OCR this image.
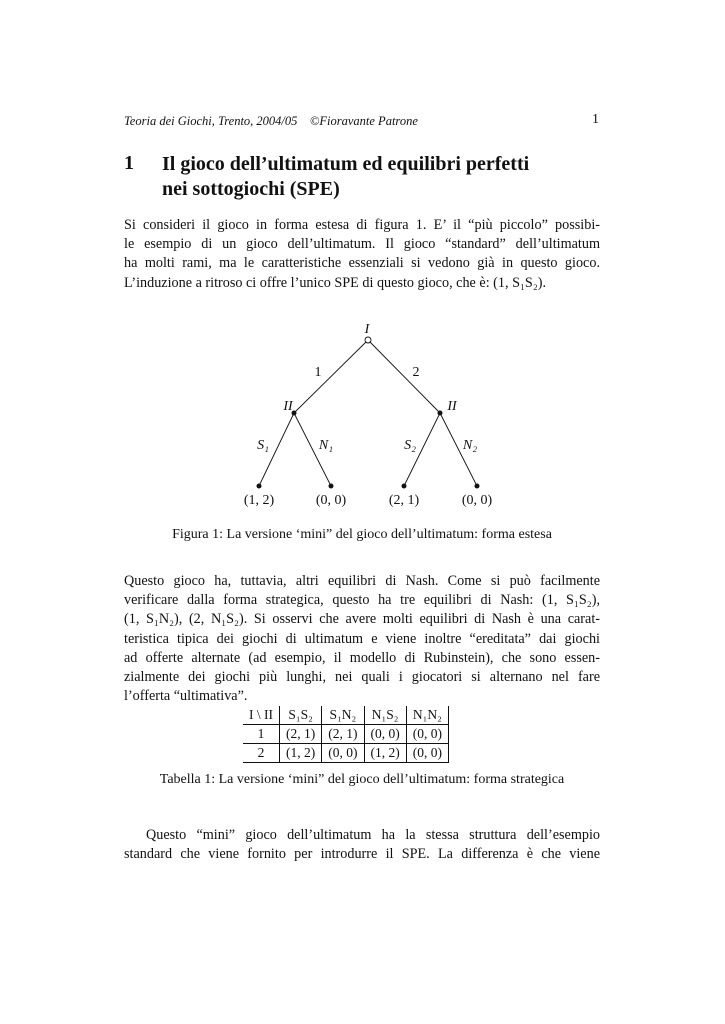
Teoria dei Giochi, Trento, 2004/05 ©Fioravante Patrone	1
1 Il gioco dell’ultimatum ed equilibri perfetti
nei sottogiochi (SPE)
Si consideri il gioco in forma estesa di figura 1. E’ il “più piccolo” possibi-
le esempio di un gioco dell’ultimatum. Il gioco “standard” dell’ultimatum
ha molti rami, ma le caratteristiche essenziali si vedono già in questo gioco.
L’induzione a ritroso ci offre l’unico SPE di questo gioco, che è: (1, S₁S₂).
I
1	2
II	II
S₁	N₁	S₂	N₂
(1, 2)	(0, 0)	(2, 1)	(0, 0)
Figura 1: La versione ‘mini” del gioco dell’ultimatum: forma estesa
Questo gioco ha, tuttavia, altri equilibri di Nash. Come si può facilmente
verificare dalla forma strategica, questo ha tre equilibri di Nash: (1, S₁S₂),
(1, S₁N₂), (2, N₁S₂). Si osservi che avere molti equilibri di Nash è una carat-
teristica tipica dei giochi di ultimatum e viene inoltre “ereditata” dai giochi
ad offerte alternate (ad esempio, il modello di Rubinstein), che sono essen-
zialmente dei giochi più lunghi, nei quali i giocatori si alternano nel fare
l’offerta “ultimativa”.
I \ II	S₁S₂	S₁N₂	N₁S₂	N₁N₂
1	(2, 1)	(2, 1)	(0, 0)	(0, 0)
2	(1, 2)	(0, 0)	(1, 2)	(0, 0)
Tabella 1: La versione ‘mini” del gioco dell’ultimatum: forma strategica
Questo “mini” gioco dell’ultimatum ha la stessa struttura dell’esempio
standard che viene fornito per introdurre il SPE. La differenza è che viene
